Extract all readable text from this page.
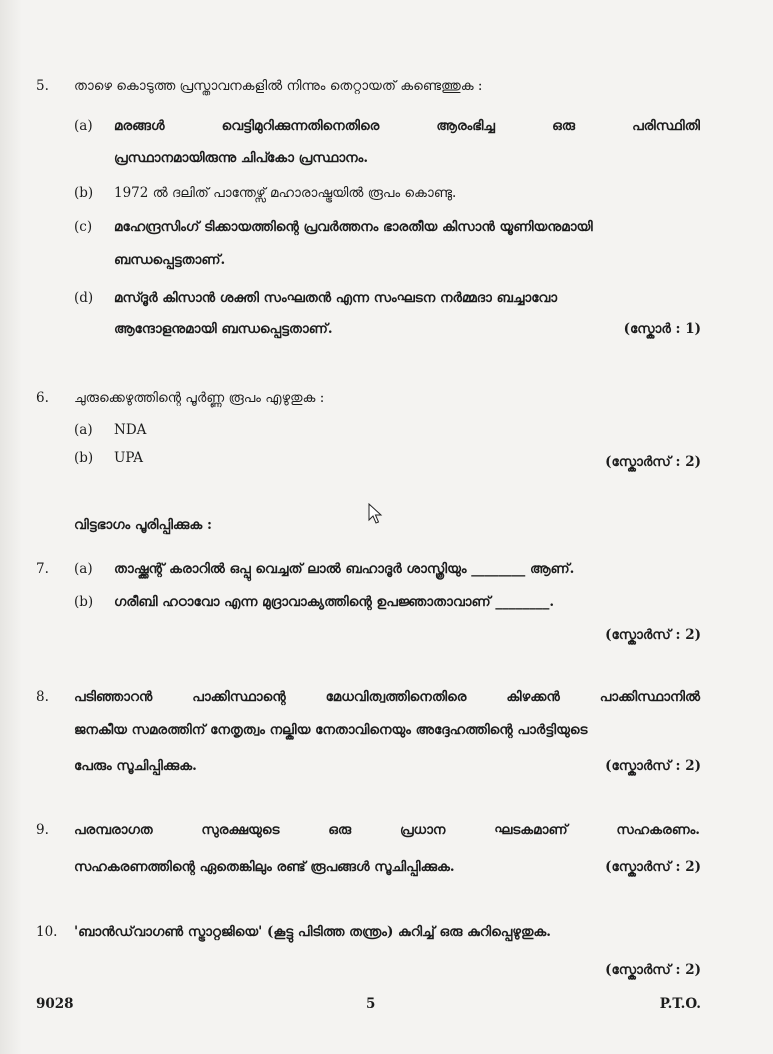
5.	താഴെ കൊടുത്ത പ്രസ്താവനകളിൽ നിന്നും തെറ്റായത് കണ്ടെത്തുക :
(a) മരങ്ങൾ	വെട്ടിമുറിക്കുന്നതിനെതിരെ	ആരംഭിച്ച	ഒരു	പരിസ്ഥിതി
പ്രസ്ഥാനമായിരുന്നു ചിപ്കോ പ്രസ്ഥാനം.
(b) 1972 ൽ ദലിത് പാന്തേഴ്സ് മഹാരാഷ്ട്രയിൽ രൂപം കൊണ്ടു.
(c) മഹേന്ദ്രസിംഗ് ടിക്കായത്തിന്റെ പ്രവർത്തനം ഭാരതീയ കിസാൻ യൂണിയനുമായി
ബന്ധപ്പെട്ടതാണ്.
(d) മസ്ദൂർ കിസാൻ ശക്തി സംഘതൻ എന്ന സംഘടന നർമ്മദാ ബച്ചാവോ
ആന്ദോളനുമായി ബന്ധപ്പെട്ടതാണ്.	(സ്കോർ : 1)
6.	ചുരുക്കെഴുത്തിന്റെ പൂർണ്ണ രൂപം എഴുതുക :
(a) NDA
(b) UPA	(സ്കോർസ് : 2)
വിട്ടഭാഗം പൂരിപ്പിക്കുക :
7.	(a) താഷ്ക്കന്റ് കരാറിൽ ഒപ്പു വെച്ചത് ലാൽ ബഹാദൂർ ശാസ്ത്രിയും ________ ആണ്.
(b) ഗരീബി ഹഠാവോ എന്ന മുദ്രാവാക്യത്തിന്റെ ഉപജ്ഞാതാവാണ് ________.
(സ്കോർസ് : 2)
8.	പടിഞ്ഞാറൻ	പാക്കിസ്ഥാന്റെ	മേധവിത്വത്തിനെതിരെ	കിഴക്കൻ	പാക്കിസ്ഥാനിൽ
ജനകീയ സമരത്തിന് നേതൃത്വം നല്കിയ നേതാവിനെയും അദ്ദേഹത്തിന്റെ പാർട്ടിയുടെ
പേരും സൂചിപ്പിക്കുക.	(സ്കോർസ് : 2)
9.	പരമ്പരാഗത	സുരക്ഷയുടെ	ഒരു	പ്രധാന	ഘടകമാണ്	സഹകരണം.
സഹകരണത്തിന്റെ ഏതെങ്കിലും രണ്ട് രൂപങ്ങൾ സൂചിപ്പിക്കുക.	(സ്കോർസ് : 2)
10.	'ബാൻഡ്‌വാഗൺ സ്ട്രാറ്റജിയെ' (കൂട്ടു പിടിത്ത തന്ത്രം) കുറിച്ച് ഒരു കുറിപ്പെഴുതുക.
(സ്കോർസ് : 2)
9028	5	P.T.O.
